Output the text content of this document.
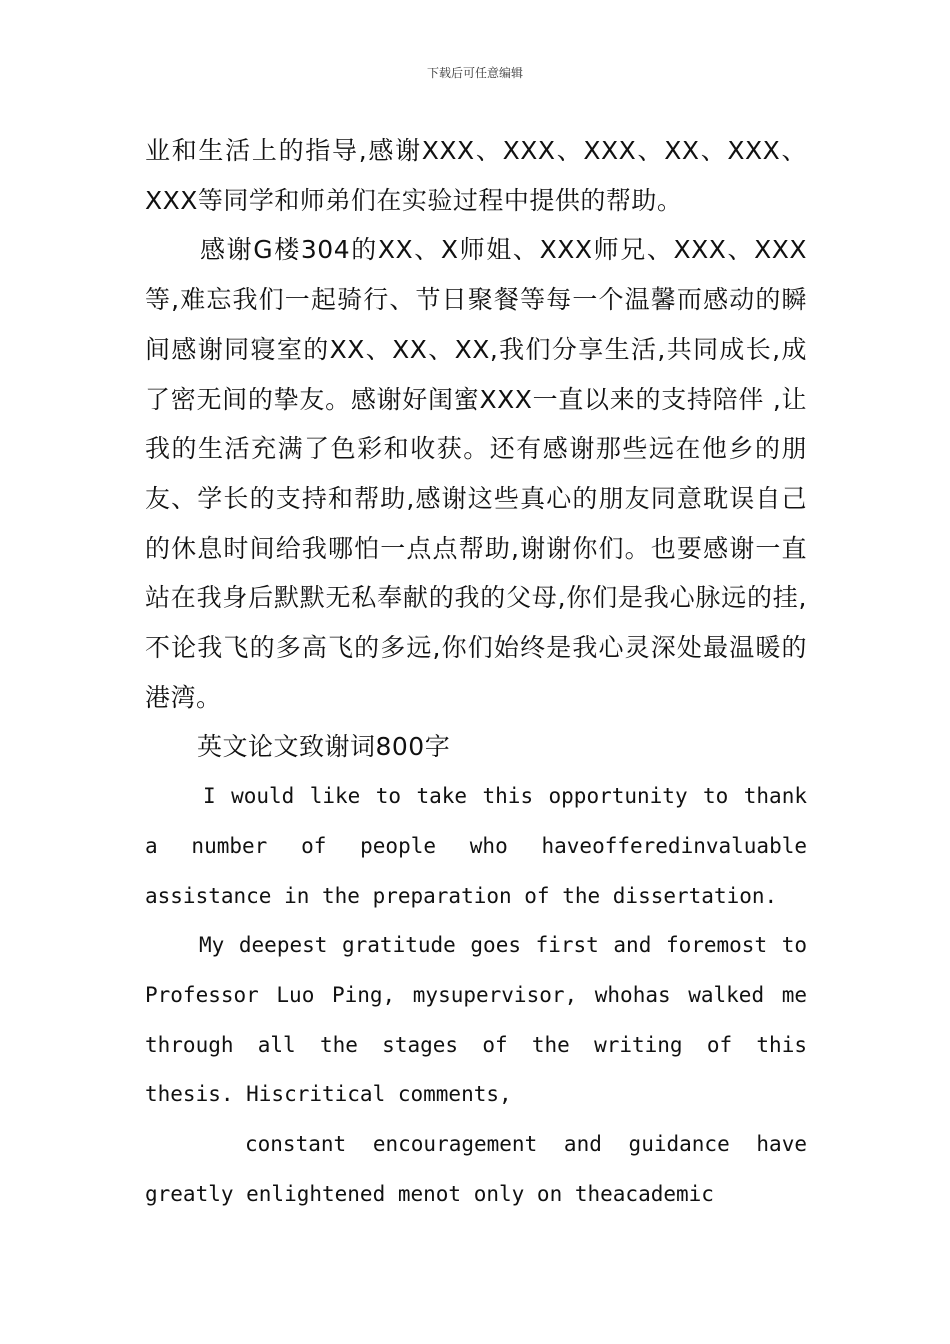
下载后可任意编辑

业和生活上的指导,感谢XXX、XXX、XXX、XX、XXX、XXX等同学和师弟们在实验过程中提供的帮助。

感谢G楼304的XX、X师姐、XXX师兄、XXX、XXX等,难忘我们一起骑行、节日聚餐等每一个温馨而感动的瞬间感谢同寝室的XX、XX、XX,我们分享生活,共同成长,成了密无间的挚友。感谢好闺蜜XXX一直以来的支持陪伴 ,让我的生活充满了色彩和收获。还有感谢那些远在他乡的朋友、学长的支持和帮助,感谢这些真心的朋友同意耽误自己的休息时间给我哪怕一点点帮助,谢谢你们。也要感谢一直站在我身后默默无私奉献的我的父母,你们是我心脉远的挂,不论我飞的多高飞的多远,你们始终是我心灵深处最温暖的港湾。

英文论文致谢词800字

I would like to take this opportunity to thank a number of people who haveofferedinvaluable assistance in the preparation of the dissertation.

My deepest gratitude goes first and foremost to Professor Luo Ping, mysupervisor, whohas walked me through all the stages of the writing of this thesis. Hiscritical comments,

constant encouragement and guidance have greatly enlightened menot only on theacademic
